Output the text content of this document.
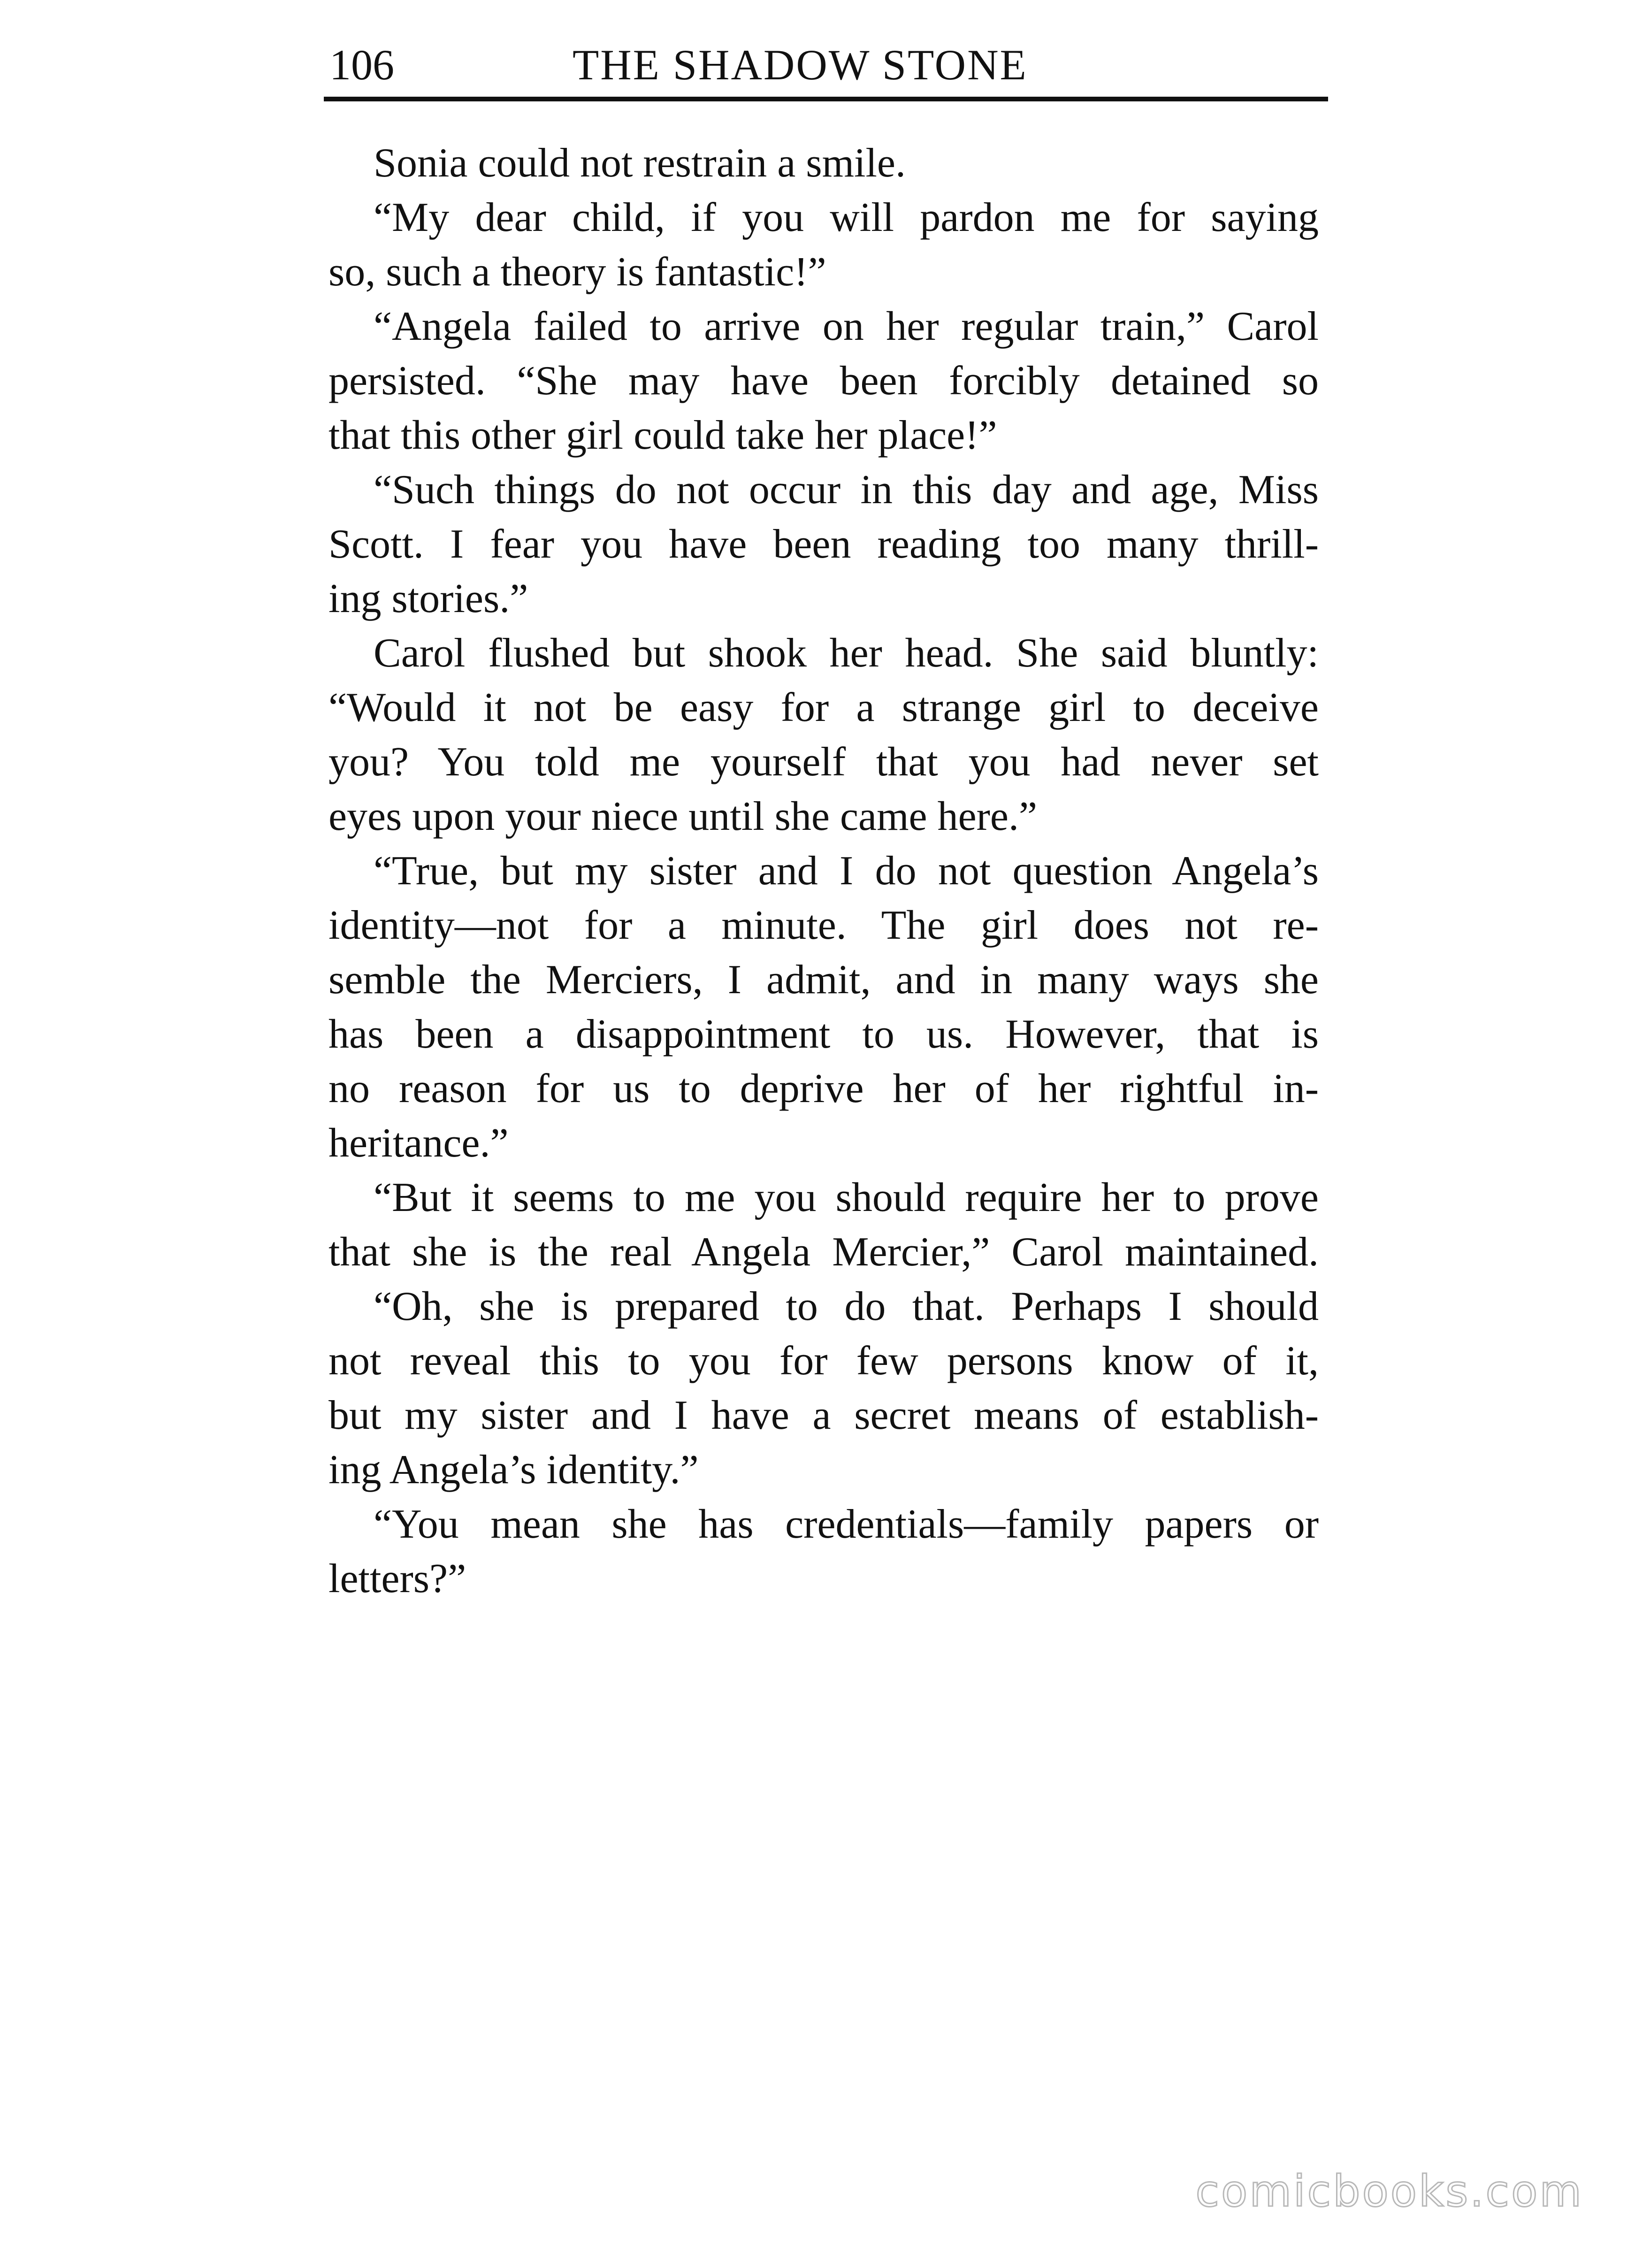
106	THE SHADOW STONE
Sonia could not restrain a smile.
“My dear child, if you will pardon me for saying
so, such a theory is fantastic!”
“Angela failed to arrive on her regular train,” Carol
persisted. “She may have been forcibly detained so
that this other girl could take her place!”
“Such things do not occur in this day and age, Miss
Scott. I fear you have been reading too many thrill-
ing stories.”
Carol flushed but shook her head. She said bluntly:
“Would it not be easy for a strange girl to deceive
you? You told me yourself that you had never set
eyes upon your niece until she came here.”
“True, but my sister and I do not question Angela’s
identity—not for a minute. The girl does not re-
semble the Merciers, I admit, and in many ways she
has been a disappointment to us. However, that is
no reason for us to deprive her of her rightful in-
heritance.”
“But it seems to me you should require her to prove
that she is the real Angela Mercier,” Carol maintained.
“Oh, she is prepared to do that. Perhaps I should
not reveal this to you for few persons know of it,
but my sister and I have a secret means of establish-
ing Angela’s identity.”
“You mean she has credentials—family papers or
letters?”
comicbooks.com
